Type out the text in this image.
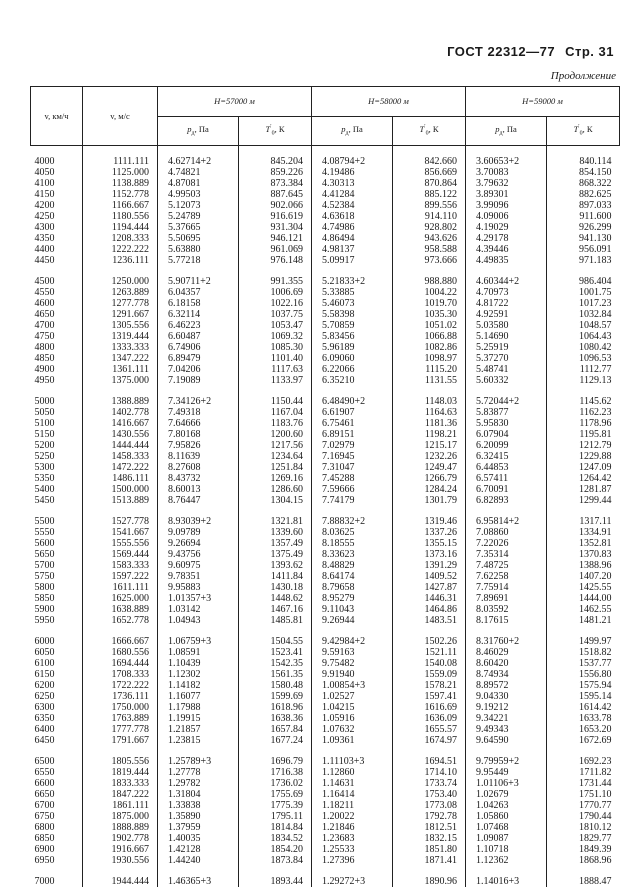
ГОСТ 22312—77 Стр. 31
Продолжение
v, км/ч	v, м/с	H=57000 м		H=58000 м		H=59000 м	
		$p_д$, Па	$T'_0$, К	$p_д$, Па	$T'_0$, К	$p_д$, Па	$T'_0$, К

4000	1111.111	4.62714+2	845.204	4.08794+2	842.660	3.60653+2	840.114
4050	1125.000	4.74821	859.226	4.19486	856.669	3.70083	854.150
4100	1138.889	4.87081	873.384	4.30313	870.864	3.79632	868.322
4150	1152.778	4.99503	887.645	4.41284	885.122	3.89301	882.625
4200	1166.667	5.12073	902.066	4.52384	899.556	3.99096	897.033
4250	1180.556	5.24789	916.619	4.63618	914.110	4.09006	911.600
4300	1194.444	5.37665	931.304	4.74986	928.802	4.19029	926.299
4350	1208.333	5.50695	946.121	4.86494	943.626	4.29178	941.130
4400	1222.222	5.63880	961.069	4.98137	958.588	4.39446	956.091
4450	1236.111	5.77218	976.148	5.09917	973.666	4.49835	971.183

4500	1250.000	5.90711+2	991.355	5.21833+2	988.880	4.60344+2	986.404
4550	1263.889	6.04357	1006.69	5.33885	1004.22	4.70973	1001.75
4600	1277.778	6.18158	1022.16	5.46073	1019.70	4.81722	1017.23
4650	1291.667	6.32114	1037.75	5.58398	1035.30	4.92591	1032.84
4700	1305.556	6.46223	1053.47	5.70859	1051.02	5.03580	1048.57
4750	1319.444	6.60487	1069.32	5.83456	1066.88	5.14690	1064.43
4800	1333.333	6.74906	1085.30	5.96189	1082.86	5.25919	1080.42
4850	1347.222	6.89479	1101.40	6.09060	1098.97	5.37270	1096.53
4900	1361.111	7.04206	1117.63	6.22066	1115.20	5.48741	1112.77
4950	1375.000	7.19089	1133.97	6.35210	1131.55	5.60332	1129.13

5000	1388.889	7.34126+2	1150.44	6.48490+2	1148.03	5.72044+2	1145.62
5050	1402.778	7.49318	1167.04	6.61907	1164.63	5.83877	1162.23
5100	1416.667	7.64666	1183.76	6.75461	1181.36	5.95830	1178.96
5150	1430.556	7.80168	1200.60	6.89151	1198.21	6.07904	1195.81
5200	1444.444	7.95826	1217.56	7.02979	1215.17	6.20099	1212.79
5250	1458.333	8.11639	1234.64	7.16945	1232.26	6.32415	1229.88
5300	1472.222	8.27608	1251.84	7.31047	1249.47	6.44853	1247.09
5350	1486.111	8.43732	1269.16	7.45288	1266.79	6.57411	1264.42
5400	1500.000	8.60013	1286.60	7.59666	1284.24	6.70091	1281.87
5450	1513.889	8.76447	1304.15	7.74179	1301.79	6.82893	1299.44

5500	1527.778	8.93039+2	1321.81	7.88832+2	1319.46	6.95814+2	1317.11
5550	1541.667	9.09789	1339.60	8.03625	1337.26	7.08860	1334.91
5600	1555.556	9.26694	1357.49	8.18555	1355.15	7.22026	1352.81
5650	1569.444	9.43756	1375.49	8.33623	1373.16	7.35314	1370.83
5700	1583.333	9.60975	1393.62	8.48829	1391.29	7.48725	1388.96
5750	1597.222	9.78351	1411.84	8.64174	1409.52	7.62258	1407.20
5800	1611.111	9.95883	1430.18	8.79658	1427.87	7.75914	1425.55
5850	1625.000	1.01357+3	1448.62	8.95279	1446.31	7.89691	1444.00
5900	1638.889	1.03142	1467.16	9.11043	1464.86	8.03592	1462.55
5950	1652.778	1.04943	1485.81	9.26944	1483.51	8.17615	1481.21

6000	1666.667	1.06759+3	1504.55	9.42984+2	1502.26	8.31760+2	1499.97
6050	1680.556	1.08591	1523.41	9.59163	1521.11	8.46029	1518.82
6100	1694.444	1.10439	1542.35	9.75482	1540.08	8.60420	1537.77
6150	1708.333	1.12302	1561.35	9.91940	1559.09	8.74934	1556.80
6200	1722.222	1.14182	1580.48	1.00854+3	1578.21	8.89572	1575.94
6250	1736.111	1.16077	1599.69	1.02527	1597.41	9.04330	1595.14
6300	1750.000	1.17988	1618.96	1.04215	1616.69	9.19212	1614.42
6350	1763.889	1.19915	1638.36	1.05916	1636.09	9.34221	1633.78
6400	1777.778	1.21857	1657.84	1.07632	1655.57	9.49343	1653.20
6450	1791.667	1.23815	1677.24	1.09361	1674.97	9.64590	1672.69

6500	1805.556	1.25789+3	1696.79	1.11103+3	1694.51	9.79959+2	1692.23
6550	1819.444	1.27778	1716.38	1.12860	1714.10	9.95449	1711.82
6600	1833.333	1.29782	1736.02	1.14631	1733.74	1.01106+3	1731.44
6650	1847.222	1.31804	1755.69	1.16414	1753.40	1.02679	1751.10
6700	1861.111	1.33838	1775.39	1.18211	1773.08	1.04263	1770.77
6750	1875.000	1.35890	1795.11	1.20022	1792.78	1.05860	1790.44
6800	1888.889	1.37959	1814.84	1.21846	1812.51	1.07468	1810.12
6850	1902.778	1.40035	1834.52	1.23683	1832.15	1.09087	1829.77
6900	1916.667	1.42128	1854.20	1.25533	1851.80	1.10718	1849.39
6950	1930.556	1.44240	1873.84	1.27396	1871.41	1.12362	1868.96

7000	1944.444	1.46365+3	1893.44	1.29272+3	1890.96	1.14016+3	1888.47
